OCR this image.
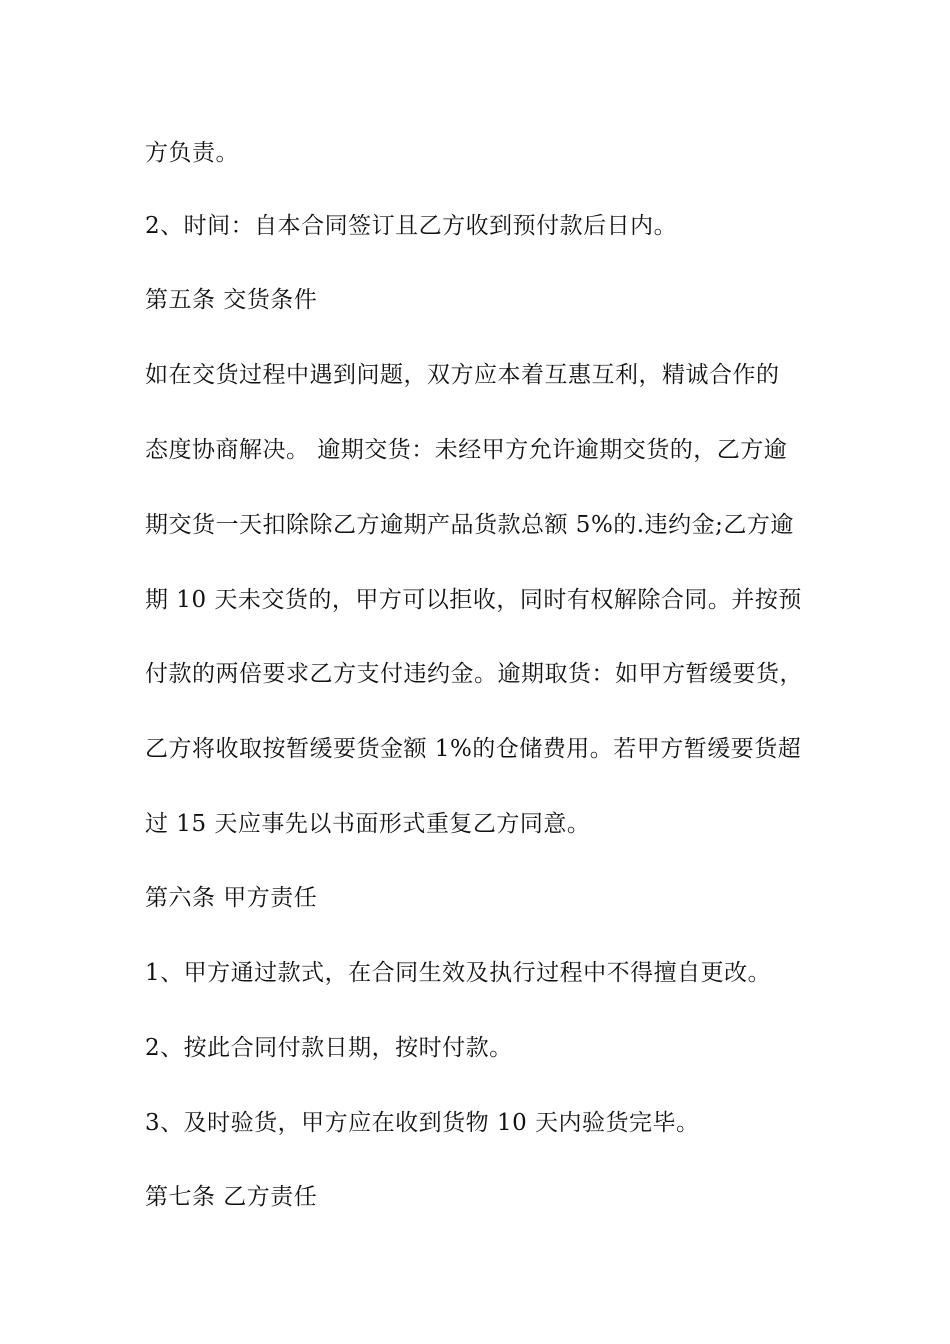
方负责。
2、时间：自本合同签订且乙方收到预付款后日内。
第五条 交货条件
如在交货过程中遇到问题，双方应本着互惠互利，精诚合作的
态度协商解决。 逾期交货：未经甲方允许逾期交货的，乙方逾
期交货一天扣除除乙方逾期产品货款总额 5%的.违约金;乙方逾
期 10 天未交货的，甲方可以拒收，同时有权解除合同。并按预
付款的两倍要求乙方支付违约金。逾期取货：如甲方暂缓要货，
乙方将收取按暂缓要货金额 1%的仓储费用。若甲方暂缓要货超
过 15 天应事先以书面形式重复乙方同意。
第六条 甲方责任
1、甲方通过款式，在合同生效及执行过程中不得擅自更改。
2、按此合同付款日期，按时付款。
3、及时验货，甲方应在收到货物 10 天内验货完毕。
第七条 乙方责任
